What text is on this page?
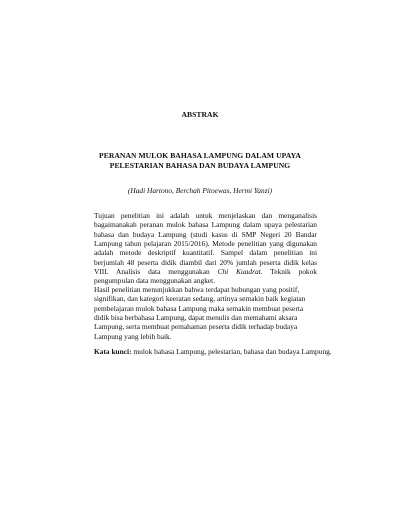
ABSTRAK
PERANAN MULOK BAHASA LAMPUNG DALAM UPAYA
PELESTARIAN BAHASA DAN BUDAYA LAMPUNG
(Hadi Hartono, Berchah Pitoewas, Hermi Yanzi)

Tujuan penelitian ini adalah untuk menjelaskan dan menganalisis bagaimanakah peranan mulok bahasa Lampung dalam upaya pelestarian bahasa dan budaya Lampung (studi kasus di SMP Negeri 20 Bandar Lampung tahun pelajaran 2015/2016). Metode penelitian yang digunakan adalah metode deskriptif kuantitatif. Sampel dalam penelitian ini berjumlah 48 peserta didik diambil dari 20% jumlah peserta didik kelas VIII. Analisis data menggunakan Chi Kuadrat. Teknik pokok pengumpulan data menggunakan angket.

Hasil penelitian menunjukkan bahwa terdapat hubungan yang positif, signifikan, dan kategori keeratan sedang, artinya semakin baik kegiatan pembelajaran mulok bahasa Lampung maka semakin membuat peserta didik bisa berbahasa Lampung, dapat menulis dan memahami aksara Lampung, serta membuat pemahaman peserta didik terhadap budaya Lampung yang lebih baik.

Kata kunci: mulok bahasa Lampung, pelestarian, bahasa dan budaya Lampung.
